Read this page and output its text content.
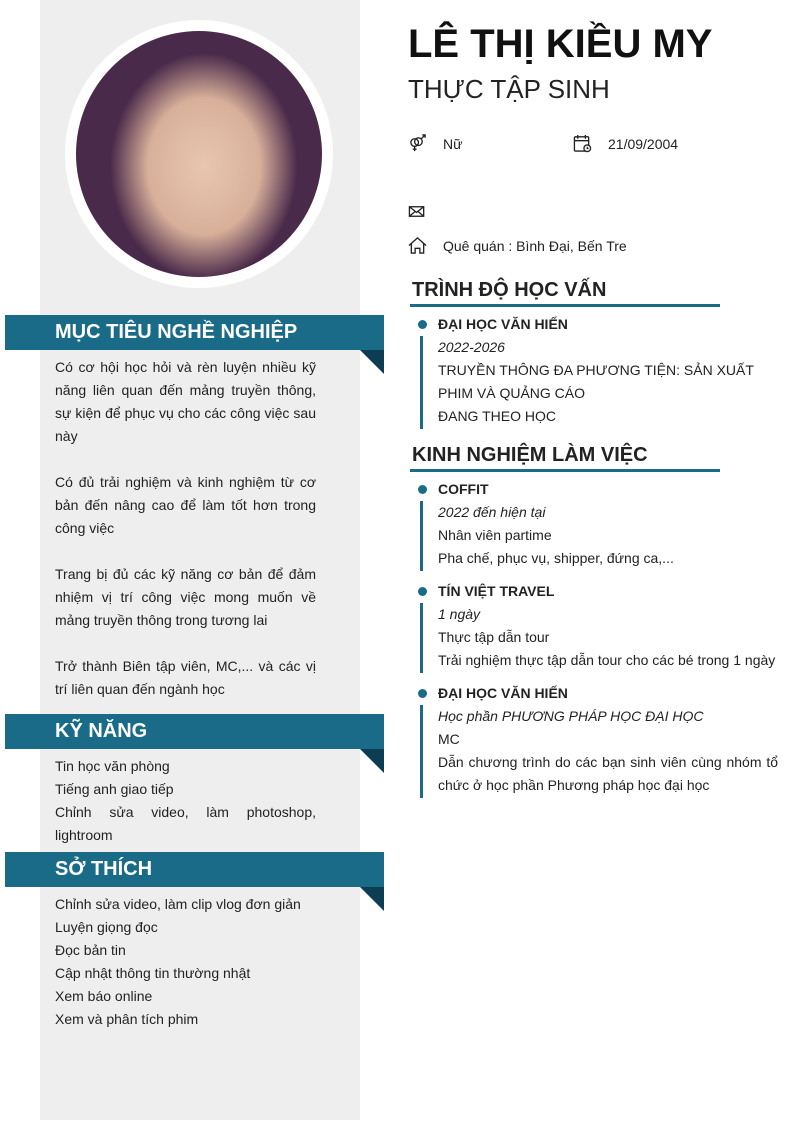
MỤC TIÊU NGHỀ NGHIỆP

Có cơ hội học hỏi và rèn luyện nhiều kỹ năng liên quan đến mảng truyền thông, sự kiện để phục vụ cho các công việc sau này

Có đủ trải nghiệm và kinh nghiệm từ cơ bản đến nâng cao để làm tốt hơn trong công việc

Trang bị đủ các kỹ năng cơ bản để đảm nhiệm vị trí công việc mong muốn về mảng truyền thông trong tương lai

Trở thành Biên tập viên, MC,... và các vị trí liên quan đến ngành học

KỸ NĂNG
Tin học văn phòng
Tiếng anh giao tiếp
Chỉnh sửa video, làm photoshop, lightroom
SỞ THÍCH
Chỉnh sửa video, làm clip vlog đơn giản
Luyện giọng đọc
Đọc bản tin
Cập nhật thông tin thường nhật
Xem báo online
Xem và phân tích phim
LÊ THỊ KIỀU MY
THỰC TẬP SINH
Nữ	21/09/2004
Quê quán : Bình Đại, Bến Tre
TRÌNH ĐỘ HỌC VẤN
ĐẠI HỌC VĂN HIẾN
2022-2026
TRUYỀN THÔNG ĐA PHƯƠNG TIỆN: SẢN XUẤT PHIM VÀ QUẢNG CÁO
ĐANG THEO HỌC
KINH NGHIỆM LÀM VIỆC
COFFIT
2022 đến hiện tại
Nhân viên partime
Pha chế, phục vụ, shipper, đứng ca,...
TÍN VIỆT TRAVEL
1 ngày
Thực tập dẫn tour
Trải nghiệm thực tập dẫn tour cho các bé trong 1 ngày
ĐẠI HỌC VĂN HIẾN
Học phần PHƯƠNG PHÁP HỌC ĐẠI HỌC
MC
Dẫn chương trình do các bạn sinh viên cùng nhóm tổ chức ở học phần Phương pháp học đại học
